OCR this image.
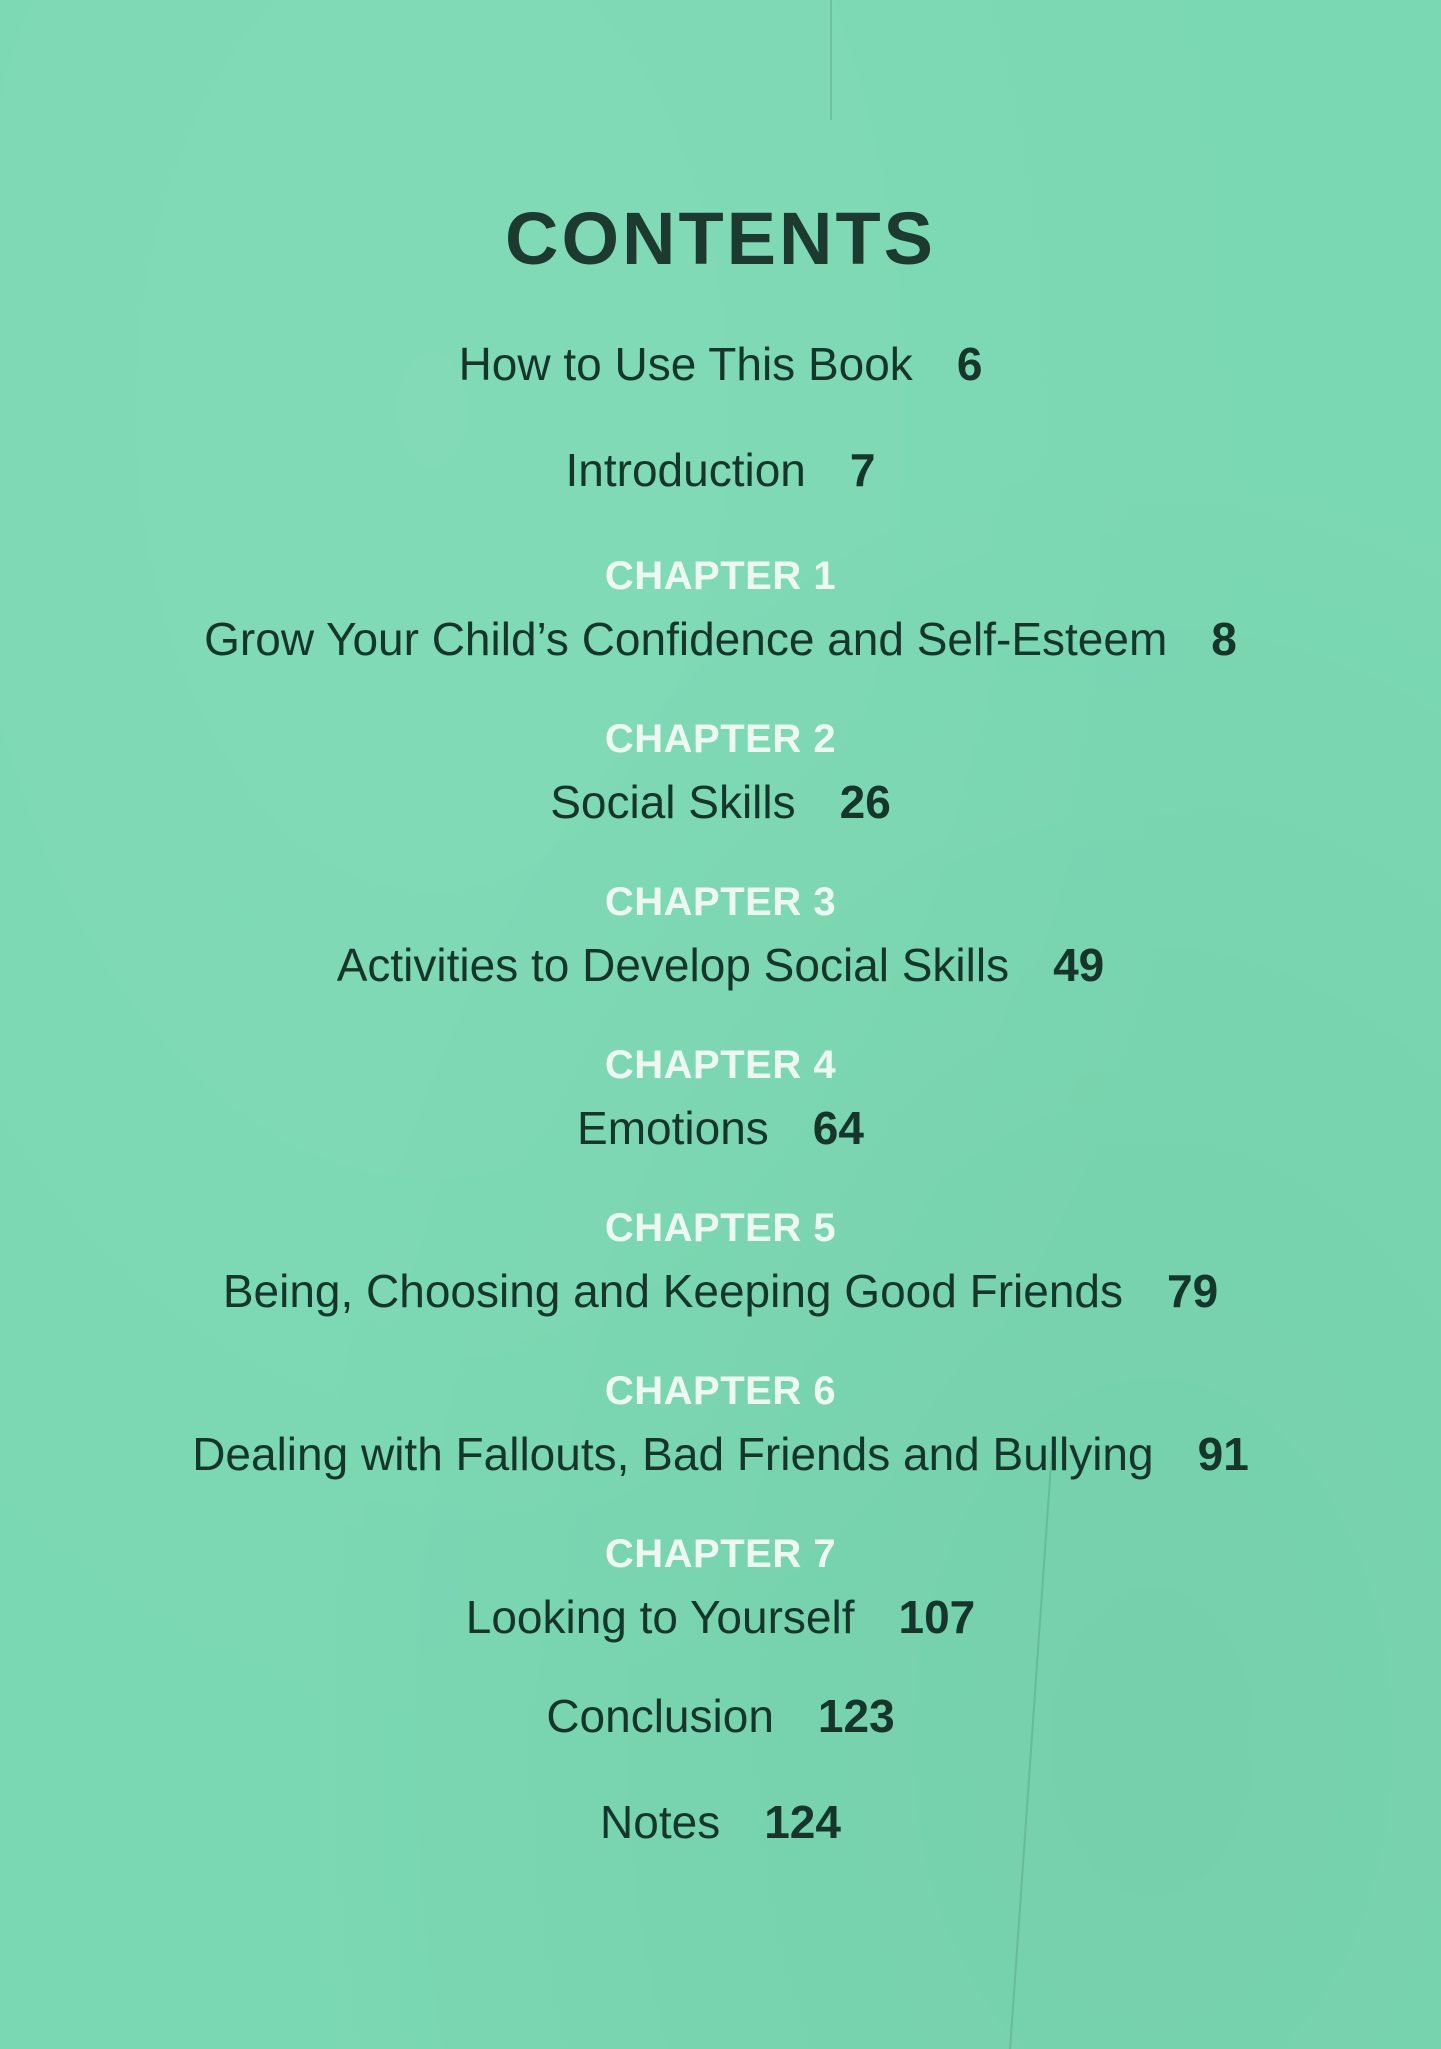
CONTENTS
How to Use This Book 6
Introduction 7
CHAPTER 1
Grow Your Child’s Confidence and Self-Esteem 8
CHAPTER 2
Social Skills 26
CHAPTER 3
Activities to Develop Social Skills 49
CHAPTER 4
Emotions 64
CHAPTER 5
Being, Choosing and Keeping Good Friends 79
CHAPTER 6
Dealing with Fallouts, Bad Friends and Bullying 91
CHAPTER 7
Looking to Yourself 107
Conclusion 123
Notes 124
